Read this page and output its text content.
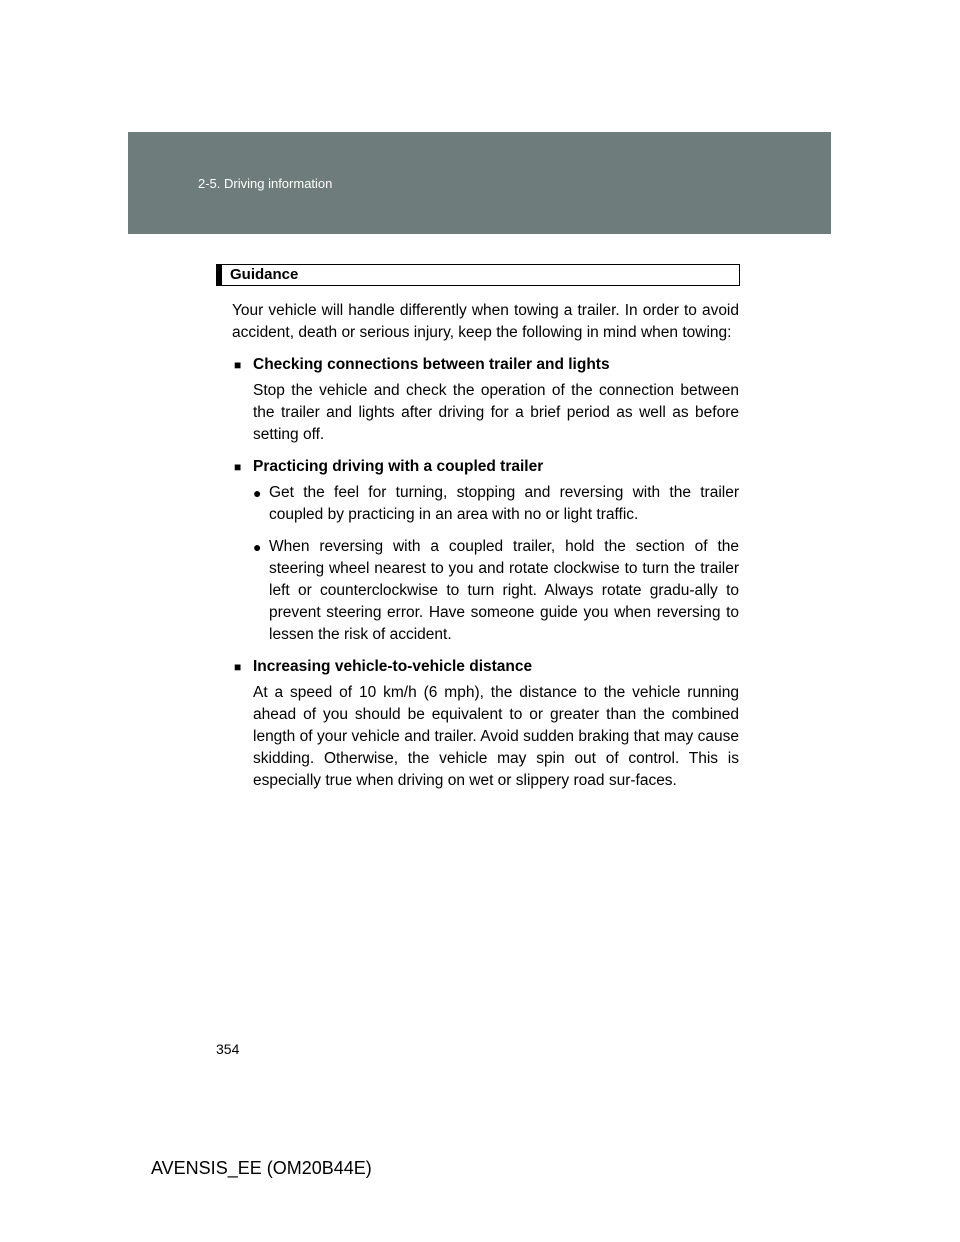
2-5. Driving information
Guidance

Your vehicle will handle differently when towing a trailer. In order to avoid accident, death or serious injury, keep the following in mind when towing:

■ Checking connections between trailer and lights

Stop the vehicle and check the operation of the connection between the trailer and lights after driving for a brief period as well as before setting off.

■ Practicing driving with a coupled trailer

● Get the feel for turning, stopping and reversing with the trailer coupled by practicing in an area with no or light traffic.

● When reversing with a coupled trailer, hold the section of the steering wheel nearest to you and rotate clockwise to turn the trailer left or counterclockwise to turn right. Always rotate gradu-ally to prevent steering error. Have someone guide you when reversing to lessen the risk of accident.

■ Increasing vehicle-to-vehicle distance

At a speed of 10 km/h (6 mph), the distance to the vehicle running ahead of you should be equivalent to or greater than the combined length of your vehicle and trailer. Avoid sudden braking that may cause skidding. Otherwise, the vehicle may spin out of control. This is especially true when driving on wet or slippery road sur-faces.

354
AVENSIS_EE (OM20B44E)
